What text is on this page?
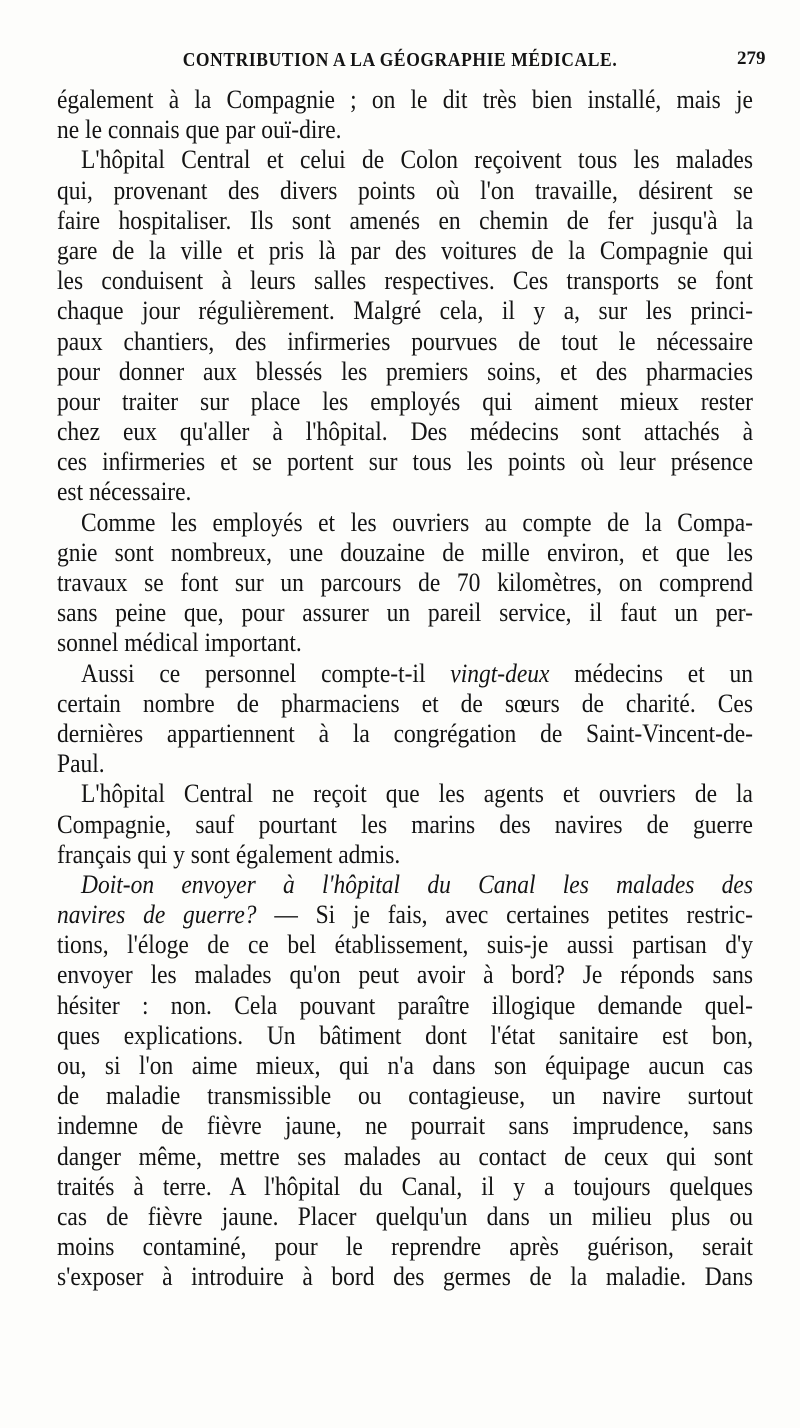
CONTRIBUTION A LA GÉOGRAPHIE MÉDICALE.	279
également à la Compagnie ; on le dit très bien installé, mais je
ne le connais que par ouï-dire.
L'hôpital Central et celui de Colon reçoivent tous les malades
qui, provenant des divers points où l'on travaille, désirent se
faire hospitaliser. Ils sont amenés en chemin de fer jusqu'à la
gare de la ville et pris là par des voitures de la Compagnie qui
les conduisent à leurs salles respectives. Ces transports se font
chaque jour régulièrement. Malgré cela, il y a, sur les princi-
paux chantiers, des infirmeries pourvues de tout le nécessaire
pour donner aux blessés les premiers soins, et des pharmacies
pour traiter sur place les employés qui aiment mieux rester
chez eux qu'aller à l'hôpital. Des médecins sont attachés à
ces infirmeries et se portent sur tous les points où leur présence
est nécessaire.
Comme les employés et les ouvriers au compte de la Compa-
gnie sont nombreux, une douzaine de mille environ, et que les
travaux se font sur un parcours de 70 kilomètres, on comprend
sans peine que, pour assurer un pareil service, il faut un per-
sonnel médical important.
Aussi ce personnel compte-t-il vingt-deux médecins et un
certain nombre de pharmaciens et de sœurs de charité. Ces
dernières appartiennent à la congrégation de Saint-Vincent-de-
Paul.
L'hôpital Central ne reçoit que les agents et ouvriers de la
Compagnie, sauf pourtant les marins des navires de guerre
français qui y sont également admis.
Doit-on envoyer à l'hôpital du Canal les malades des
navires de guerre? — Si je fais, avec certaines petites restric-
tions, l'éloge de ce bel établissement, suis-je aussi partisan d'y
envoyer les malades qu'on peut avoir à bord? Je réponds sans
hésiter : non. Cela pouvant paraître illogique demande quel-
ques explications. Un bâtiment dont l'état sanitaire est bon,
ou, si l'on aime mieux, qui n'a dans son équipage aucun cas
de maladie transmissible ou contagieuse, un navire surtout
indemne de fièvre jaune, ne pourrait sans imprudence, sans
danger même, mettre ses malades au contact de ceux qui sont
traités à terre. A l'hôpital du Canal, il y a toujours quelques
cas de fièvre jaune. Placer quelqu'un dans un milieu plus ou
moins contaminé, pour le reprendre après guérison, serait
s'exposer à introduire à bord des germes de la maladie. Dans
